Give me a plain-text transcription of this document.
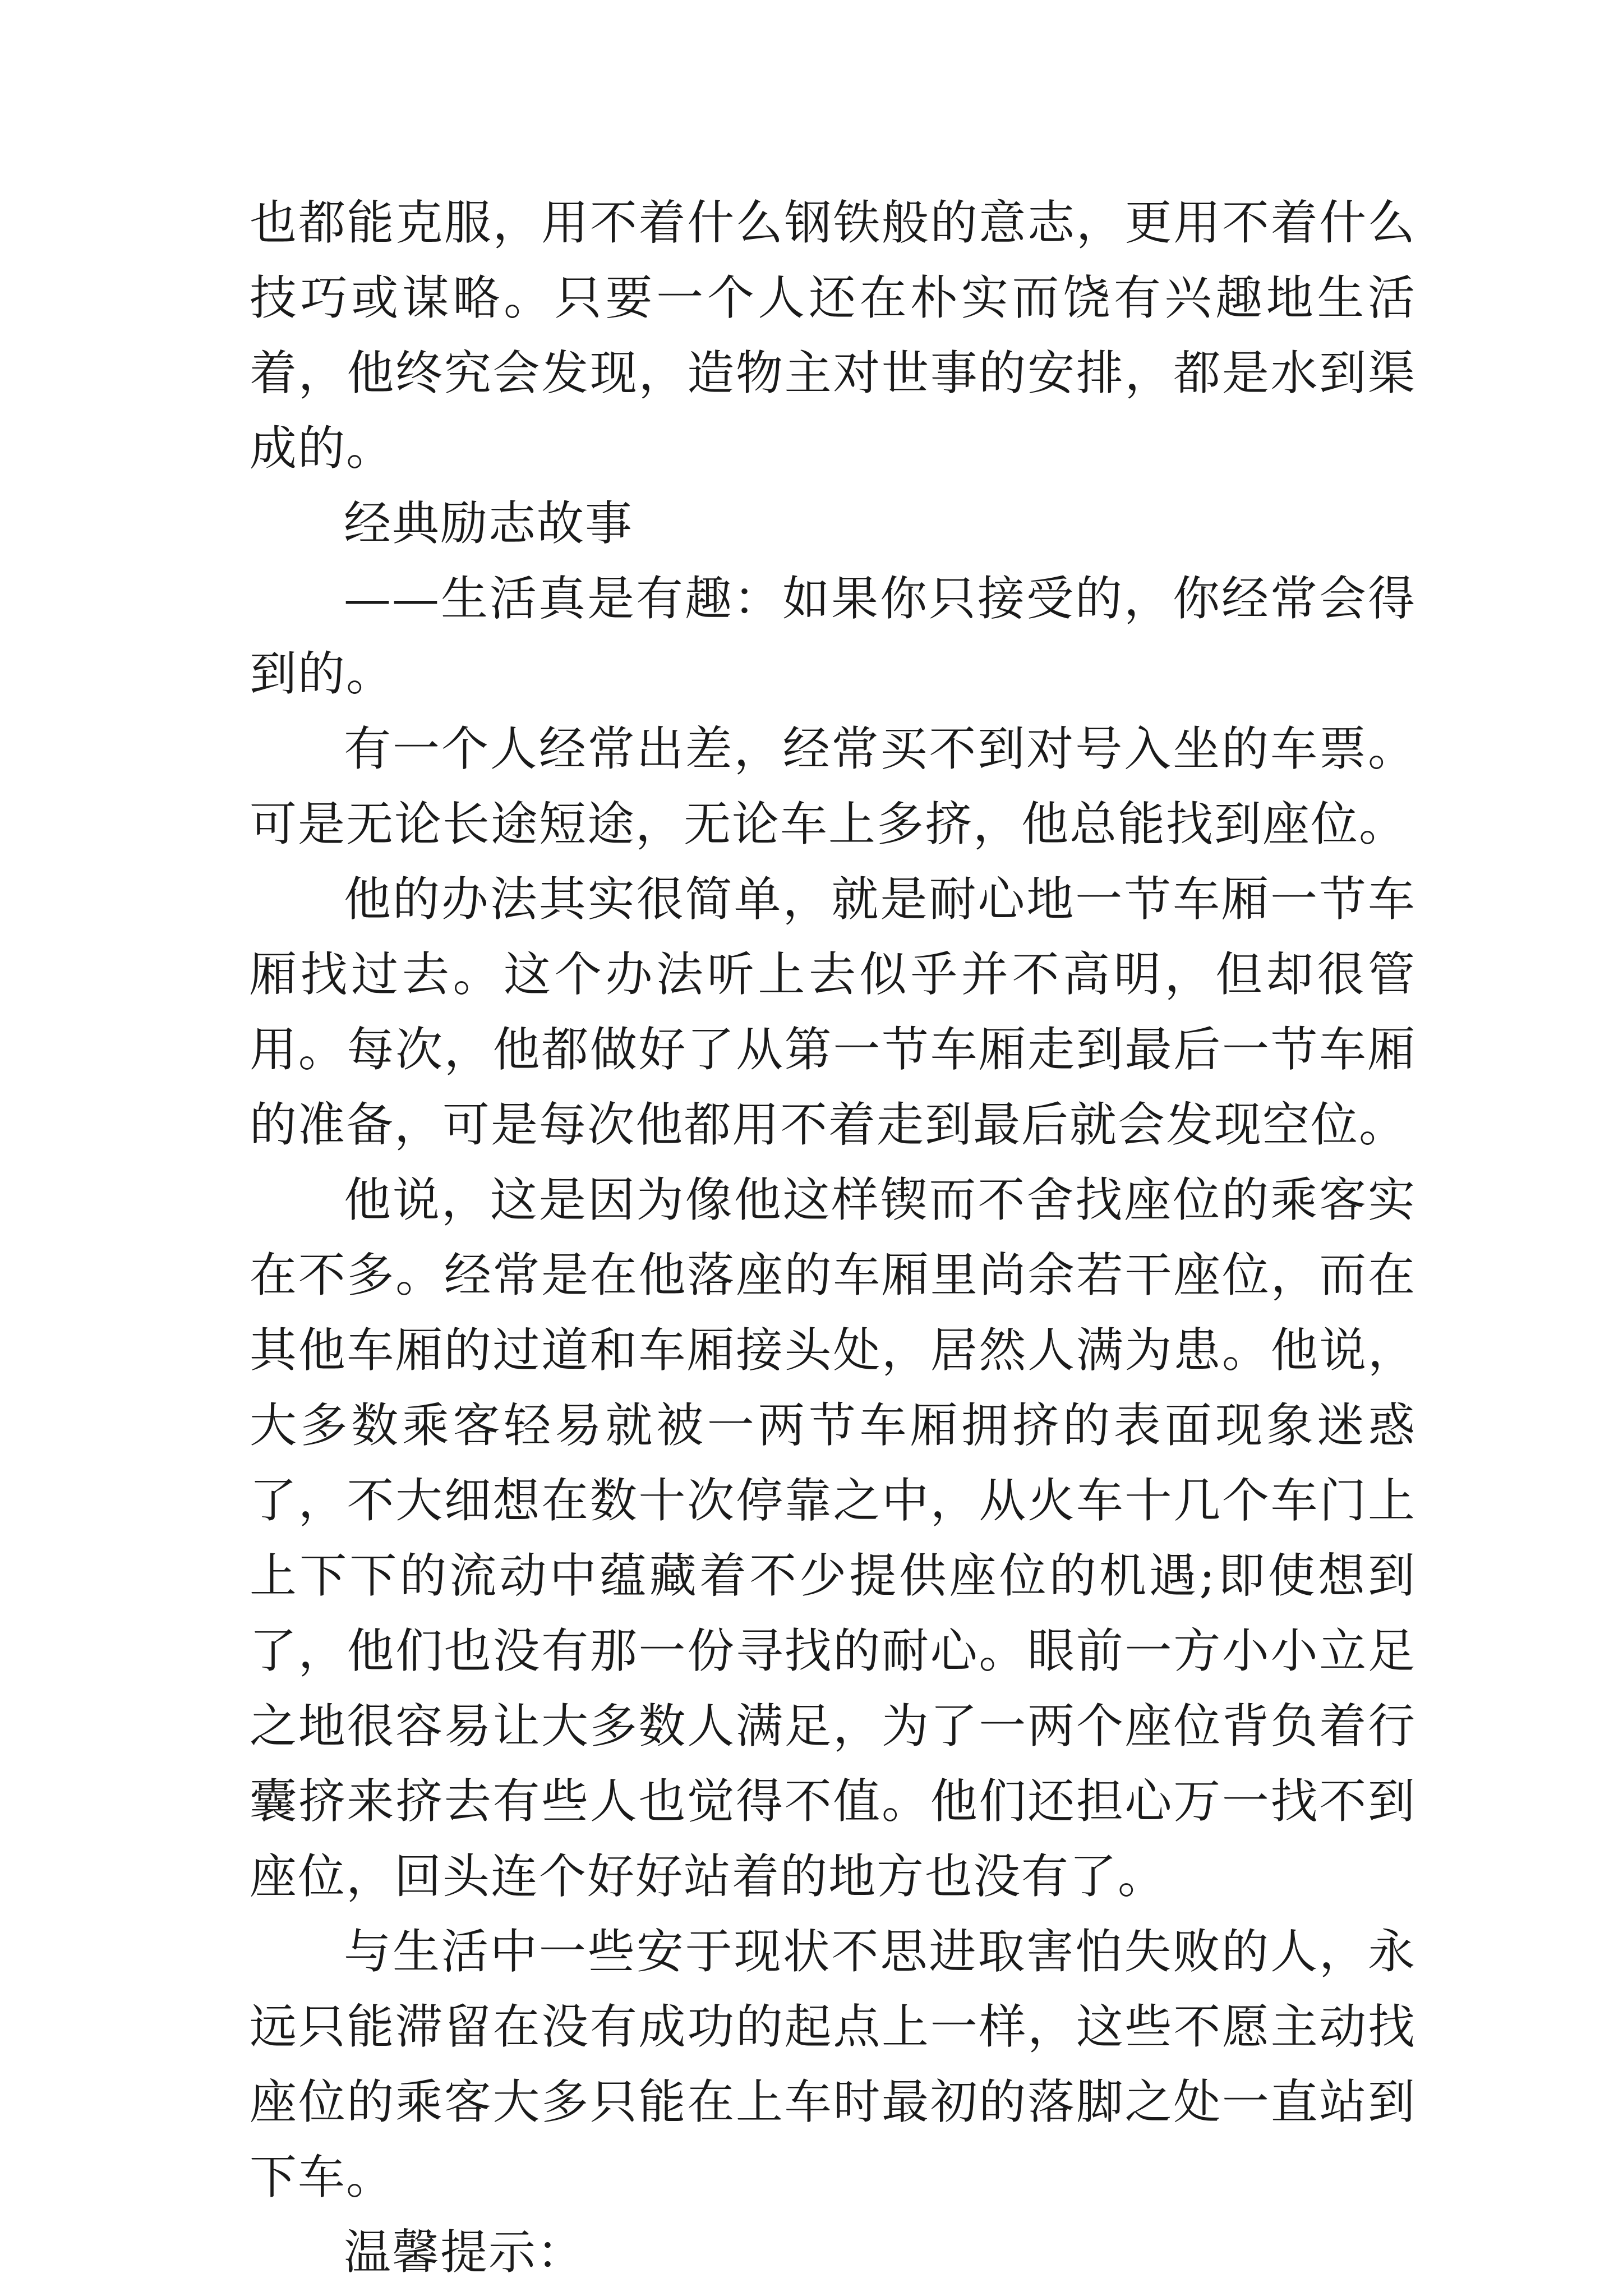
也都能克服，用不着什么钢铁般的意志，更用不着什么技巧或谋略。只要一个人还在朴实而饶有兴趣地生活着，他终究会发现，造物主对世事的安排，都是水到渠成的。

经典励志故事

——生活真是有趣：如果你只接受的，你经常会得到的。

有一个人经常出差，经常买不到对号入坐的车票。可是无论长途短途，无论车上多挤，他总能找到座位。

他的办法其实很简单，就是耐心地一节车厢一节车厢找过去。这个办法听上去似乎并不高明，但却很管用。每次，他都做好了从第一节车厢走到最后一节车厢的准备，可是每次他都用不着走到最后就会发现空位。

他说，这是因为像他这样锲而不舍找座位的乘客实在不多。经常是在他落座的车厢里尚余若干座位，而在其他车厢的过道和车厢接头处，居然人满为患。他说，大多数乘客轻易就被一两节车厢拥挤的表面现象迷惑了，不大细想在数十次停靠之中，从火车十几个车门上上下下的流动中蕴藏着不少提供座位的机遇;即使想到了，他们也没有那一份寻找的耐心。眼前一方小小立足之地很容易让大多数人满足，为了一两个座位背负着行囊挤来挤去有些人也觉得不值。他们还担心万一找不到座位，回头连个好好站着的地方也没有了。

与生活中一些安于现状不思进取害怕失败的人，永远只能滞留在没有成功的起点上一样，这些不愿主动找座位的乘客大多只能在上车时最初的落脚之处一直站到下车。

温馨提示：
